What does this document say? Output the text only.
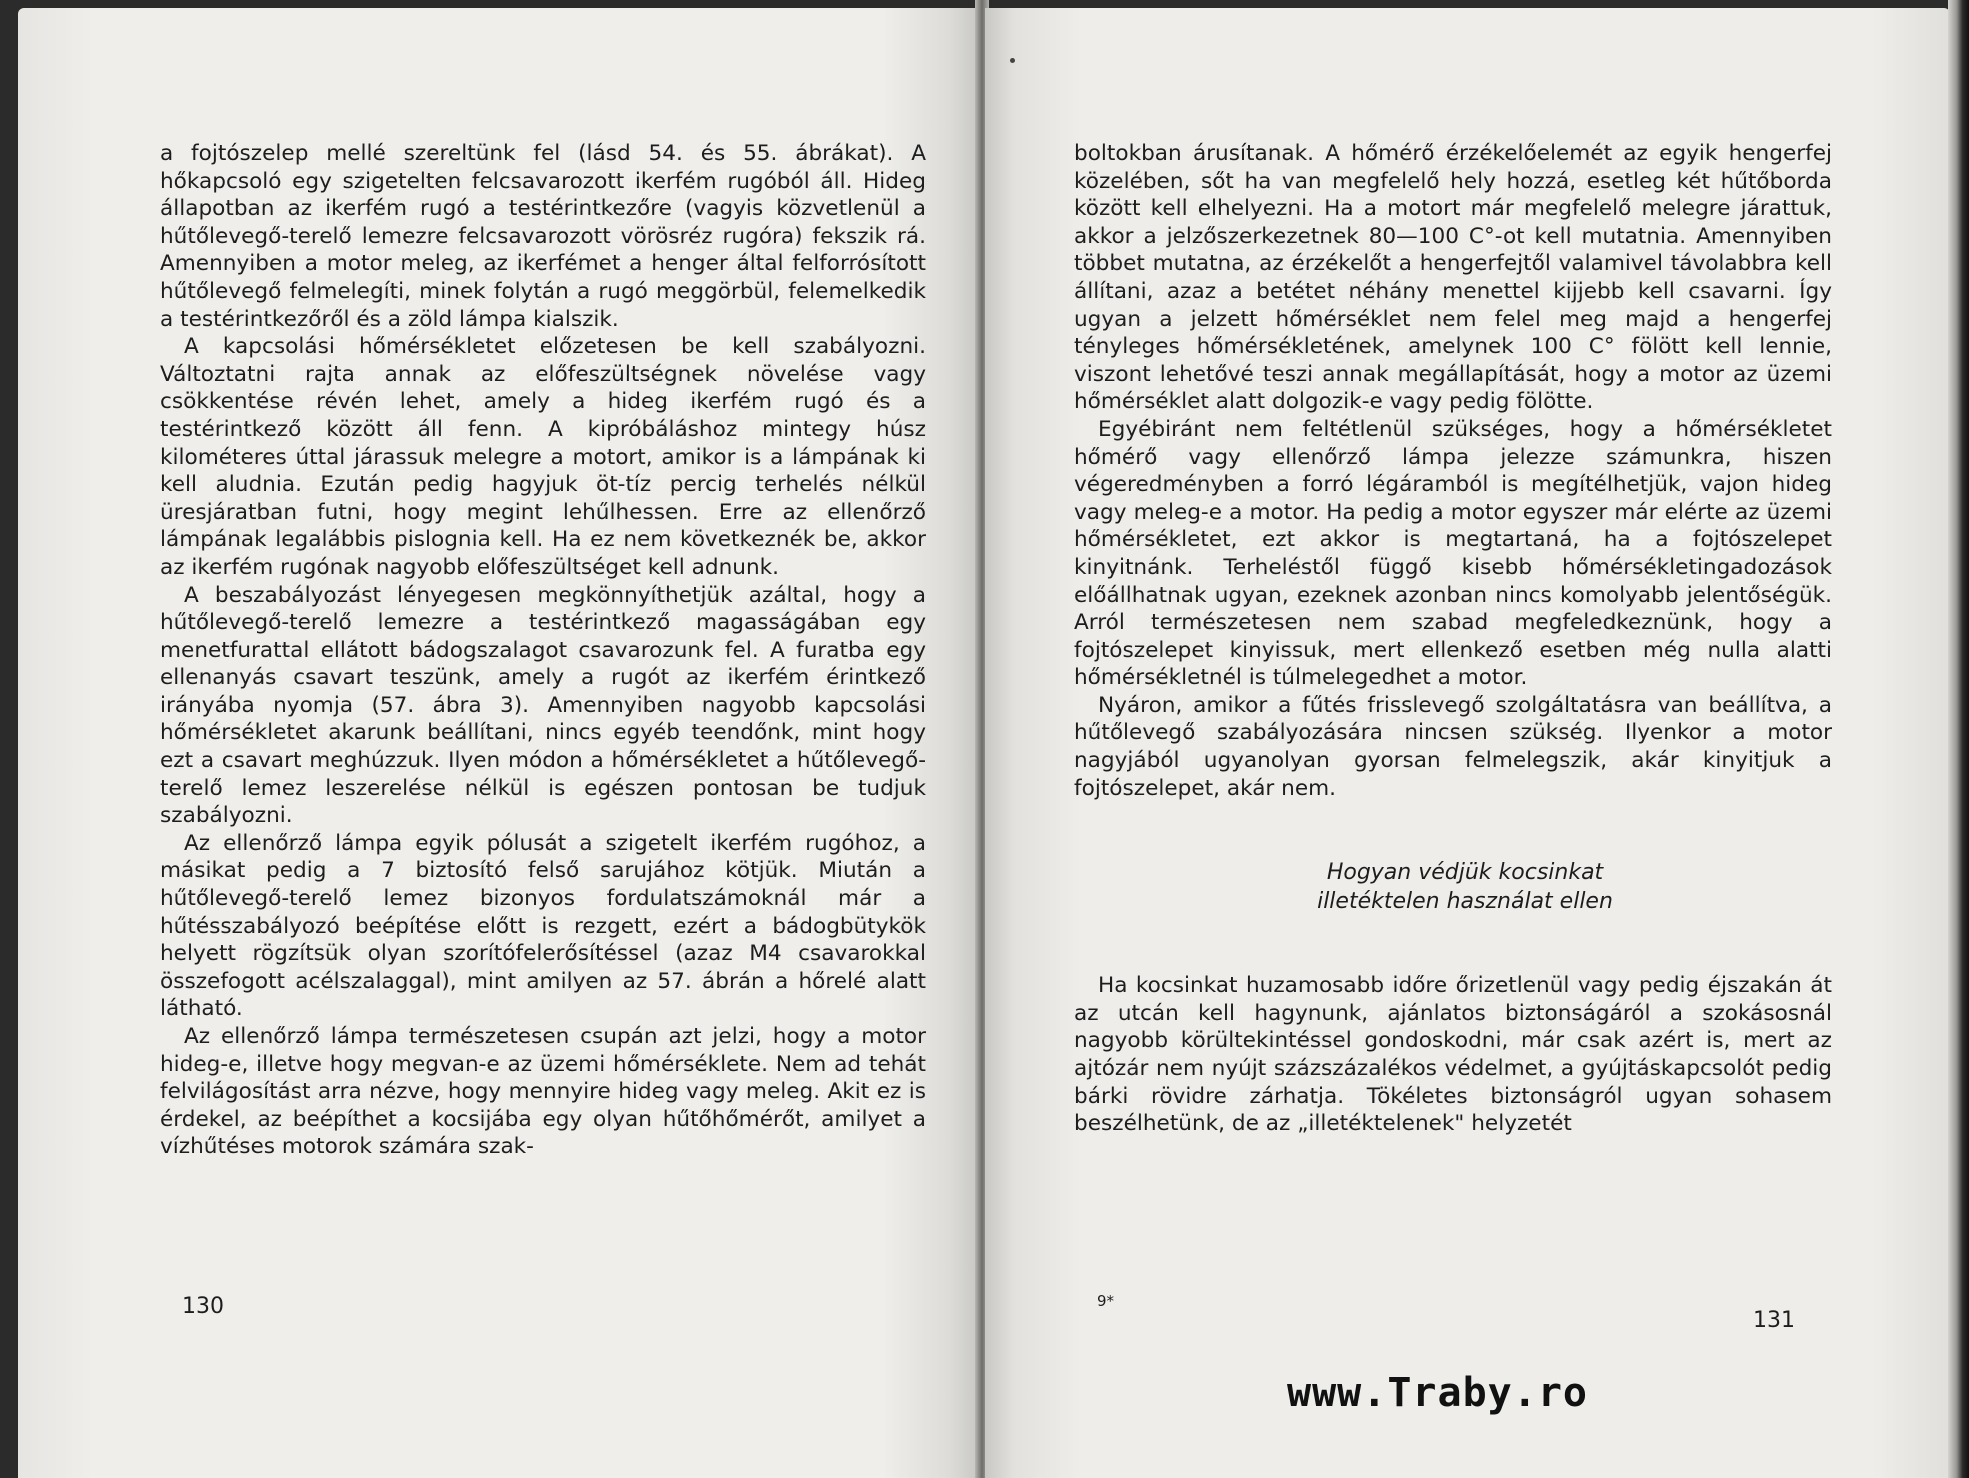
a fojtószelep mellé szereltünk fel (lásd 54. és 55. ábrákat). A hőkapcsoló egy szigetelten felcsavarozott ikerfém rugóból áll. Hideg állapotban az ikerfém rugó a testérintkezőre (vagyis közvetlenül a hűtőlevegő-terelő lemezre felcsavarozott vörösréz rugóra) fekszik rá. Amennyiben a motor meleg, az ikerfémet a henger által felforrósított hűtőlevegő felmelegíti, minek folytán a rugó meggörbül, felemelkedik a testérintkezőről és a zöld lámpa kialszik.

A kapcsolási hőmérsékletet előzetesen be kell szabályozni. Változtatni rajta annak az előfeszültségnek növelése vagy csökkentése révén lehet, amely a hideg ikerfém rugó és a testérintkező között áll fenn. A kipróbáláshoz mintegy húsz kilométeres úttal járassuk melegre a motort, amikor is a lámpának ki kell aludnia. Ezután pedig hagyjuk öt-tíz percig terhelés nélkül üresjáratban futni, hogy megint lehűlhessen. Erre az ellenőrző lámpának legalábbis pislognia kell. Ha ez nem következnék be, akkor az ikerfém rugónak nagyobb előfeszültséget kell adnunk.

A beszabályozást lényegesen megkönnyíthetjük azáltal, hogy a hűtőlevegő-terelő lemezre a testérintkező magasságában egy menetfurattal ellátott bádogszalagot csavarozunk fel. A furatba egy ellenanyás csavart teszünk, amely a rugót az ikerfém érintkező irányába nyomja (57. ábra 3). Amennyiben nagyobb kapcsolási hőmérsékletet akarunk beállítani, nincs egyéb teendőnk, mint hogy ezt a csavart meghúzzuk. Ilyen módon a hőmérsékletet a hűtőlevegő-terelő lemez leszerelése nélkül is egészen pontosan be tudjuk szabályozni.

Az ellenőrző lámpa egyik pólusát a szigetelt ikerfém rugóhoz, a másikat pedig a 7 biztosító felső sarujához kötjük. Miután a hűtőlevegő-terelő lemez bizonyos fordulatszámoknál már a hűtésszabályozó beépítése előtt is rezgett, ezért a bádogbütykök helyett rögzítsük olyan szorítófelerősítéssel (azaz M4 csavarokkal összefogott acélszalaggal), mint amilyen az 57. ábrán a hőrelé alatt látható.

Az ellenőrző lámpa természetesen csupán azt jelzi, hogy a motor hideg-e, illetve hogy megvan-e az üzemi hőmérséklete. Nem ad tehát felvilágosítást arra nézve, hogy mennyire hideg vagy meleg. Akit ez is érdekel, az beépíthet a kocsijába egy olyan hűtőhőmérőt, amilyet a vízhűtéses motorok számára szak-

130

boltokban árusítanak. A hőmérő érzékelőelemét az egyik hengerfej közelében, sőt ha van megfelelő hely hozzá, esetleg két hűtőborda között kell elhelyezni. Ha a motort már megfelelő melegre járattuk, akkor a jelzőszerkezetnek 80—100 C°-ot kell mutatnia. Amennyiben többet mutatna, az érzékelőt a hengerfejtől valamivel távolabbra kell állítani, azaz a betétet néhány menettel kijjebb kell csavarni. Így ugyan a jelzett hőmérséklet nem felel meg majd a hengerfej tényleges hőmérsékletének, amelynek 100 C° fölött kell lennie, viszont lehetővé teszi annak megállapítását, hogy a motor az üzemi hőmérséklet alatt dolgozik-e vagy pedig fölötte.

Egyébiránt nem feltétlenül szükséges, hogy a hőmérsékletet hőmérő vagy ellenőrző lámpa jelezze számunkra, hiszen végeredményben a forró légáramból is megítélhetjük, vajon hideg vagy meleg-e a motor. Ha pedig a motor egyszer már elérte az üzemi hőmérsékletet, ezt akkor is megtartaná, ha a fojtószelepet kinyitnánk. Terheléstől függő kisebb hőmérsékletingadozások előállhatnak ugyan, ezeknek azonban nincs komolyabb jelentőségük. Arról természetesen nem szabad megfeledkeznünk, hogy a fojtószelepet kinyissuk, mert ellenkező esetben még nulla alatti hőmérsékletnél is túlmelegedhet a motor.

Nyáron, amikor a fűtés frisslevegő szolgáltatásra van beállítva, a hűtőlevegő szabályozására nincsen szükség. Ilyenkor a motor nagyjából ugyanolyan gyorsan felmelegszik, akár kinyitjuk a fojtószelepet, akár nem.

Hogyan védjük kocsinkat

illetéktelen használat ellen

Ha kocsinkat huzamosabb időre őrizetlenül vagy pedig éjszakán át az utcán kell hagynunk, ajánlatos biztonságáról a szokásosnál nagyobb körültekintéssel gondoskodni, már csak azért is, mert az ajtózár nem nyújt százszázalékos védelmet, a gyújtáskapcsolót pedig bárki rövidre zárhatja. Tökéletes biztonságról ugyan sohasem beszélhetünk, de az „illetéktelenek" helyzetét

9*
131
www.Traby.ro
